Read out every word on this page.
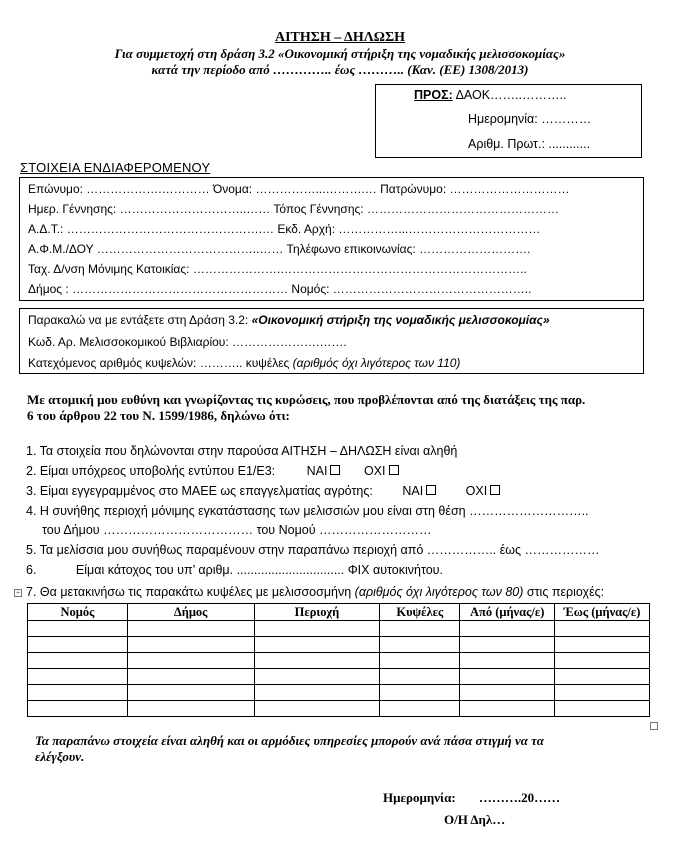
ΑΙΤΗΣΗ – ΔΗΛΩΣΗ
Για συμμετοχή στη δράση 3.2 «Οικονομική στήριξη της νομαδικής μελισσοκομίας»
κατά την περίοδο από ………….. έως ……….. (Καν. (ΕΕ) 1308/2013)
ΠΡΟΣ: ΔΑΟΚ……..………..
Ημερομηνία: …………
Αριθμ. Πρωτ.: ............
ΣΤΟΙΧΕΙΑ ΕΝΔΙΑΦΕΡΟΜΕΝΟΥ
Επώνυμο: ……………….………… Όνομα: ……………...……….… Πατρώνυμο: …………………………
Ημερ. Γέννησης: …………………………..…… Τόπος Γέννησης: …………………………………………
Α.Δ.Τ.: ………………………………………….… Εκδ. Αρχή: ……………...……………………………
Α.Φ.Μ./ΔΟΥ …………………………………..…… Τηλέφωνο επικοινωνίας: ……………………….
Ταχ. Δ/νση Μόνιμης Κατοικίας: ………………….……………………………………………………..
Δήμος : ……………………………………………… Νομός: …………………………………………..
Παρακαλώ να με εντάξετε στη Δράση 3.2: «Οικονομική στήριξη της νομαδικής μελισσοκομίας»
Κωδ. Αρ. Μελισσοκομικού Βιβλιαρίου: ………………….…….
Κατεχόμενος αριθμός κυψελών: ……….. κυψέλες (αριθμός όχι λιγότερος των 110)
Με ατομική μου ευθύνη και γνωρίζοντας τις κυρώσεις, που προβλέπονται από της διατάξεις της παρ.
6 του άρθρου 22 του Ν. 1599/1986, δηλώνω ότι:
1. Τα στοιχεία που δηλώνονται στην παρούσα ΑΙΤΗΣΗ – ΔΗΛΩΣΗ είναι αληθή
2. Είμαι υπόχρεος υποβολής εντύπου Ε1/Ε3:	ΝΑΙ	ΟΧΙ
3. Είμαι εγγεγραμμένος στο ΜΑΕΕ ως επαγγελματίας αγρότης: ΝΑΙ	ΟΧΙ
4. Η συνήθης περιοχή μόνιμης εγκατάστασης των μελισσιών μου είναι στη θέση ………………………..
του Δήμου ……………………………… του Νομού ………………………
5. Τα μελίσσια μου συνήθως παραμένουν στην παραπάνω περιοχή από …………….. έως ………………
6.	Είμαι κάτοχος του υπ’ αριθμ. ............................... ΦΙΧ αυτοκινήτου.
+ 7. Θα μετακινήσω τις παρακάτω κυψέλες με μελισσοσμήνη (αριθμός όχι λιγότερος των 80) στις περιοχές:
Νομός	Δήμος	Περιοχή	Κυψέλες	Από (μήνας/ε)	Έως (μήνας/ε)

Τα παραπάνω στοιχεία είναι αληθή και οι αρμόδιες υπηρεσίες μπορούν ανά πάσα στιγμή να τα
ελέγξουν.
Ημερομηνία: ……….20……
Ο/Η Δηλ…
